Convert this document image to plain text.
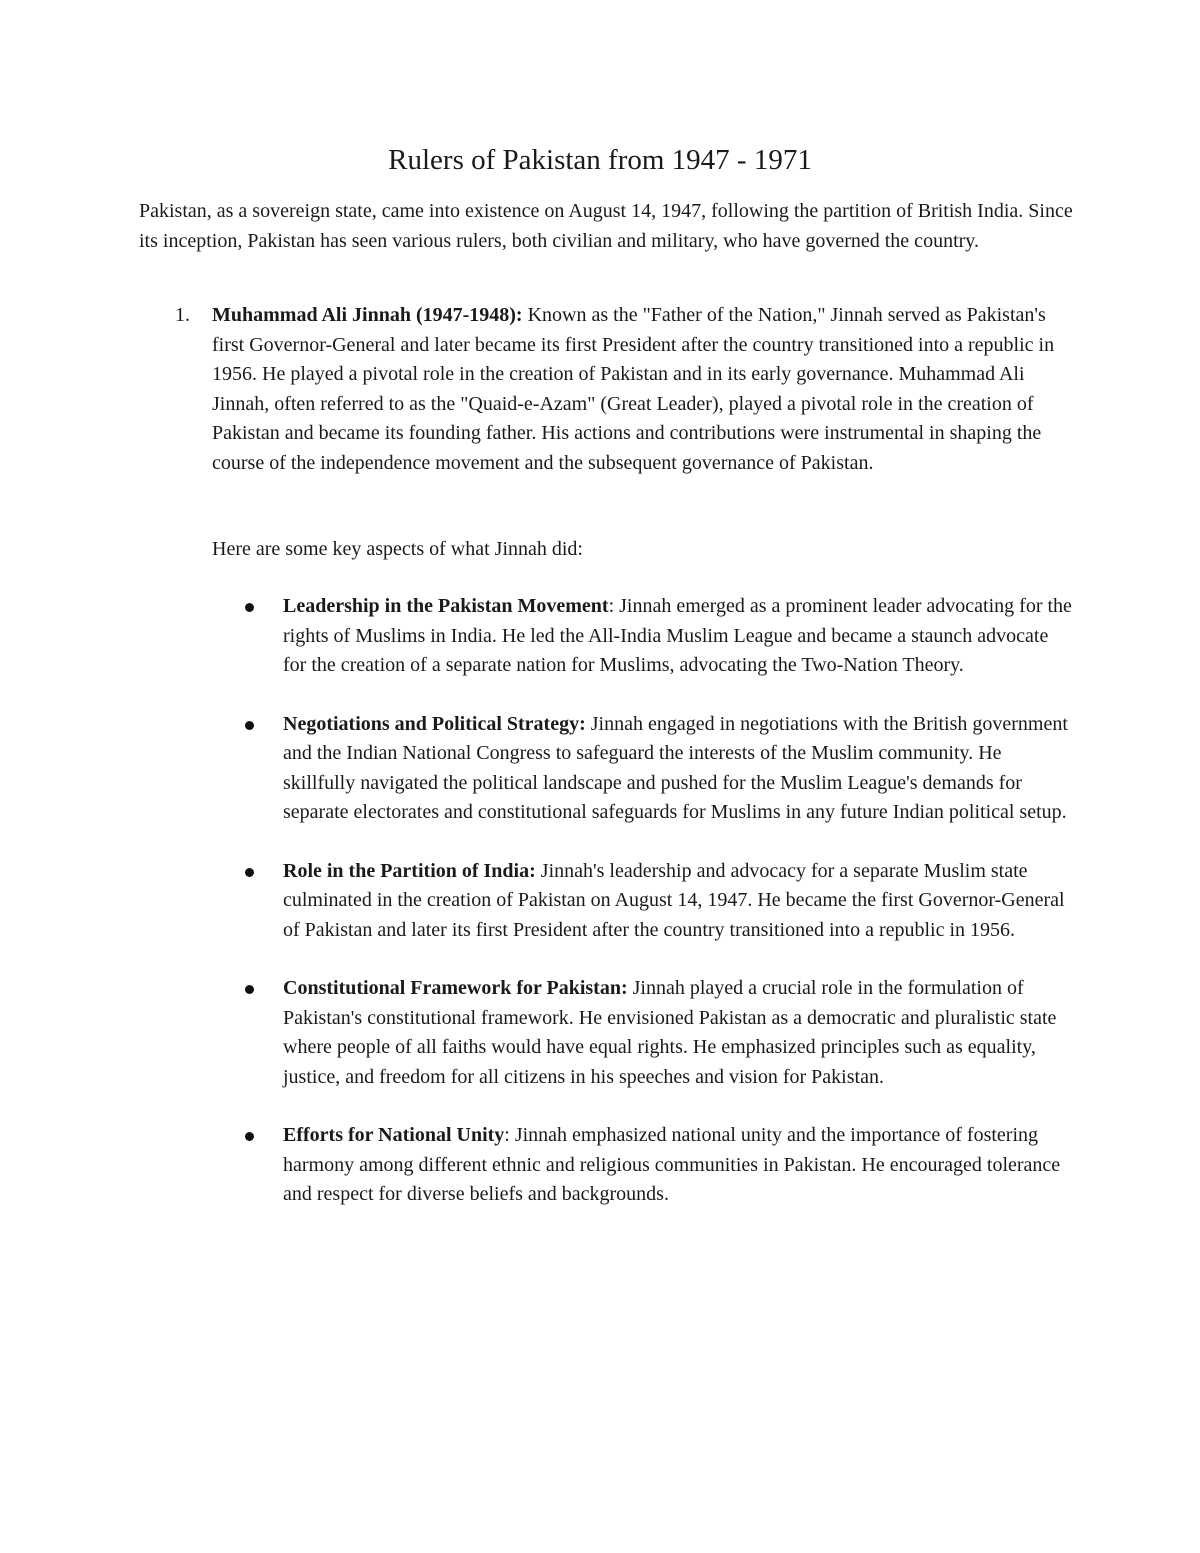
Rulers of Pakistan from 1947 - 1971

Pakistan, as a sovereign state, came into existence on August 14, 1947, following the partition of British India. Since its inception, Pakistan has seen various rulers, both civilian and military, who have governed the country.

1. Muhammad Ali Jinnah (1947-1948): Known as the "Father of the Nation," Jinnah served as Pakistan's first Governor-General and later became its first President after the country transitioned into a republic in 1956. He played a pivotal role in the creation of Pakistan and in its early governance. Muhammad Ali Jinnah, often referred to as the "Quaid-e-Azam" (Great Leader), played a pivotal role in the creation of Pakistan and became its founding father. His actions and contributions were instrumental in shaping the course of the independence movement and the subsequent governance of Pakistan.

Here are some key aspects of what Jinnah did:

Leadership in the Pakistan Movement: Jinnah emerged as a prominent leader advocating for the rights of Muslims in India. He led the All-India Muslim League and became a staunch advocate for the creation of a separate nation for Muslims, advocating the Two-Nation Theory.
Negotiations and Political Strategy: Jinnah engaged in negotiations with the British government and the Indian National Congress to safeguard the interests of the Muslim community. He skillfully navigated the political landscape and pushed for the Muslim League's demands for separate electorates and constitutional safeguards for Muslims in any future Indian political setup.
Role in the Partition of India: Jinnah's leadership and advocacy for a separate Muslim state culminated in the creation of Pakistan on August 14, 1947. He became the first Governor-General of Pakistan and later its first President after the country transitioned into a republic in 1956.
Constitutional Framework for Pakistan: Jinnah played a crucial role in the formulation of Pakistan's constitutional framework. He envisioned Pakistan as a democratic and pluralistic state where people of all faiths would have equal rights. He emphasized principles such as equality, justice, and freedom for all citizens in his speeches and vision for Pakistan.
Efforts for National Unity: Jinnah emphasized national unity and the importance of fostering harmony among different ethnic and religious communities in Pakistan. He encouraged tolerance and respect for diverse beliefs and backgrounds.
